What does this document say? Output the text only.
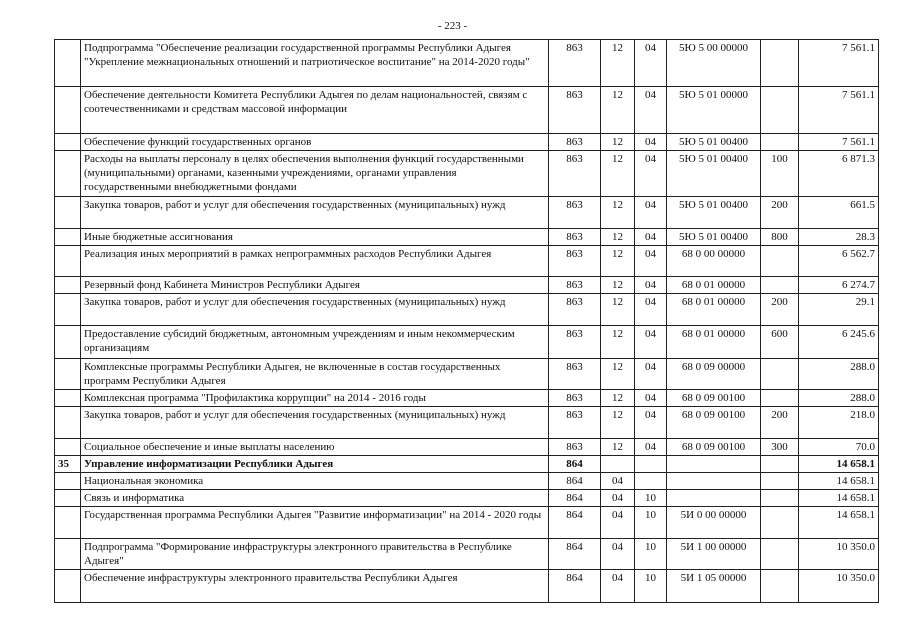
- 223 -
	Подпрограмма "Обеспечение реализации государственной программы Республики Адыгея "Укрепление межнациональных отношений и патриотическое воспитание" на 2014-2020 годы"	863	12	04	5Ю 5 00 00000		7 561.1
	Обеспечение деятельности Комитета Республики Адыгея по делам национальностей, связям с соотечественниками и средствам массовой информации	863	12	04	5Ю 5 01 00000		7 561.1
	Обеспечение функций государственных органов	863	12	04	5Ю 5 01 00400		7 561.1
	Расходы на выплаты персоналу в целях обеспечения выполнения функций государственными (муниципальными) органами, казенными учреждениями, органами управления государственными внебюджетными фондами	863	12	04	5Ю 5 01 00400	100	6 871.3
	Закупка товаров, работ и услуг для обеспечения государственных (муниципальных) нужд	863	12	04	5Ю 5 01 00400	200	661.5
	Иные бюджетные ассигнования	863	12	04	5Ю 5 01 00400	800	28.3
	Реализация иных мероприятий в рамках непрограммных расходов Республики Адыгея	863	12	04	68 0 00 00000		6 562.7
	Резервный фонд Кабинета Министров Республики Адыгея	863	12	04	68 0 01 00000		6 274.7
	Закупка товаров, работ и услуг для обеспечения государственных (муниципальных) нужд	863	12	04	68 0 01 00000	200	29.1
	Предоставление субсидий бюджетным, автономным учреждениям и иным некоммерческим организациям	863	12	04	68 0 01 00000	600	6 245.6
	Комплексные программы Республики Адыгея, не включенные в состав государственных программ Республики Адыгея	863	12	04	68 0 09 00000		288.0
	Комплексная программа "Профилактика коррупции" на 2014 - 2016 годы	863	12	04	68 0 09 00100		288.0
	Закупка товаров, работ и услуг для обеспечения государственных (муниципальных) нужд	863	12	04	68 0 09 00100	200	218.0
	Социальное обеспечение и иные выплаты населению	863	12	04	68 0 09 00100	300	70.0
35	Управление информатизации Республики Адыгея	864					14 658.1
	Национальная экономика	864	04				14 658.1
	Связь и информатика	864	04	10			14 658.1
	Государственная программа Республики Адыгея "Развитие информатизации" на 2014 - 2020 годы	864	04	10	5И 0 00 00000		14 658.1
	Подпрограмма "Формирование инфраструктуры электронного правительства в Республике Адыгея"	864	04	10	5И 1 00 00000		10 350.0
	Обеспечение инфраструктуры электронного правительства Республики Адыгея	864	04	10	5И 1 05 00000		10 350.0
